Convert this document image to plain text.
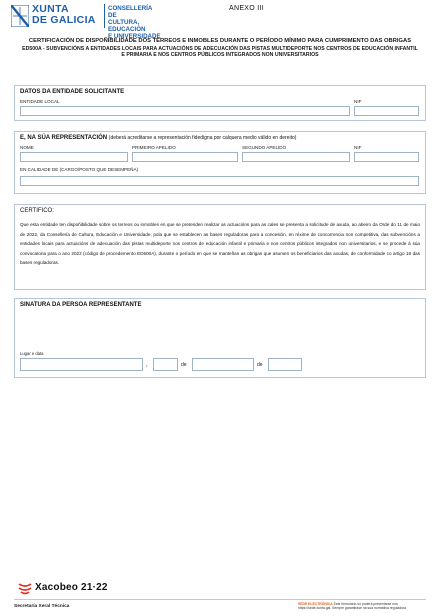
XUNTA
DE GALICIA
CONSELLERÍA DE
CULTURA, EDUCACIÓN
E UNIVERSIDADE
ANEXO III
CERTIFICACIÓN DE DISPOÑIBILIDADE DOS TERREOS E INMOBLES DURANTE O PERÍODO MÍNIMO PARA CUMPRIMENTO DAS OBRIGAS
ED500A - SUBVENCIÓNS A ENTIDADES LOCAIS PARA ACTUACIÓNS DE ADECUACIÓN DAS PISTAS MULTIDEPORTE NOS CENTROS DE EDUCACIÓN INFANTIL E PRIMARIA E NOS CENTROS PÚBLICOS INTEGRADOS NON UNIVERSITARIOS
DATOS DA ENTIDADE SOLICITANTE
ENTIDADE LOCAL	NIF
E, NA SÚA REPRESENTACIÓN (deberá acreditarse a representación fidedigna por calquera medio válido en dereito)
NOME	PRIMEIRO APELIDO	SEGUNDO APELIDO	NIF
EN CALIDADE DE (CARGO/POSTO QUE DESEMPEÑA)
CERTIFICO:
Que esta entidade ten dispoñibilidade sobre os terreos ou inmobles en que se pretenden realizar as actuacións para as cales se presenta a solicitude de axuda, ao abeiro da Orde do 11 de maio de 2022, da Consellería de Cultura, Educación e Universidade, pola que se establecen as bases reguladoras para a concesión, en réxime de concorrencia non competitiva, das subvencións a entidades locais para actuacións de adecuación das pistas multideporte nos centros de educación infantil e primaria e nos centros públicos integrados non universitarios, e se procede á súa convocatoria para o ano 2022 (código de procedemento ED500A), durante o período en que se manteñan as obrigas que asumen os beneficiarios das axudas, de conformidade co artigo 18 das bases reguladoras.
SINATURA DA PERSOA REPRESENTANTE
Lugar e data
,	de	de
Xacobeo 21·22
Secretaría Xeral Técnica	SEDE ELECTRÓNICA Este formulario só poderá presentarse nos https://sede.xunta.gal. Sempre garantirase na súa normativa reguladora
